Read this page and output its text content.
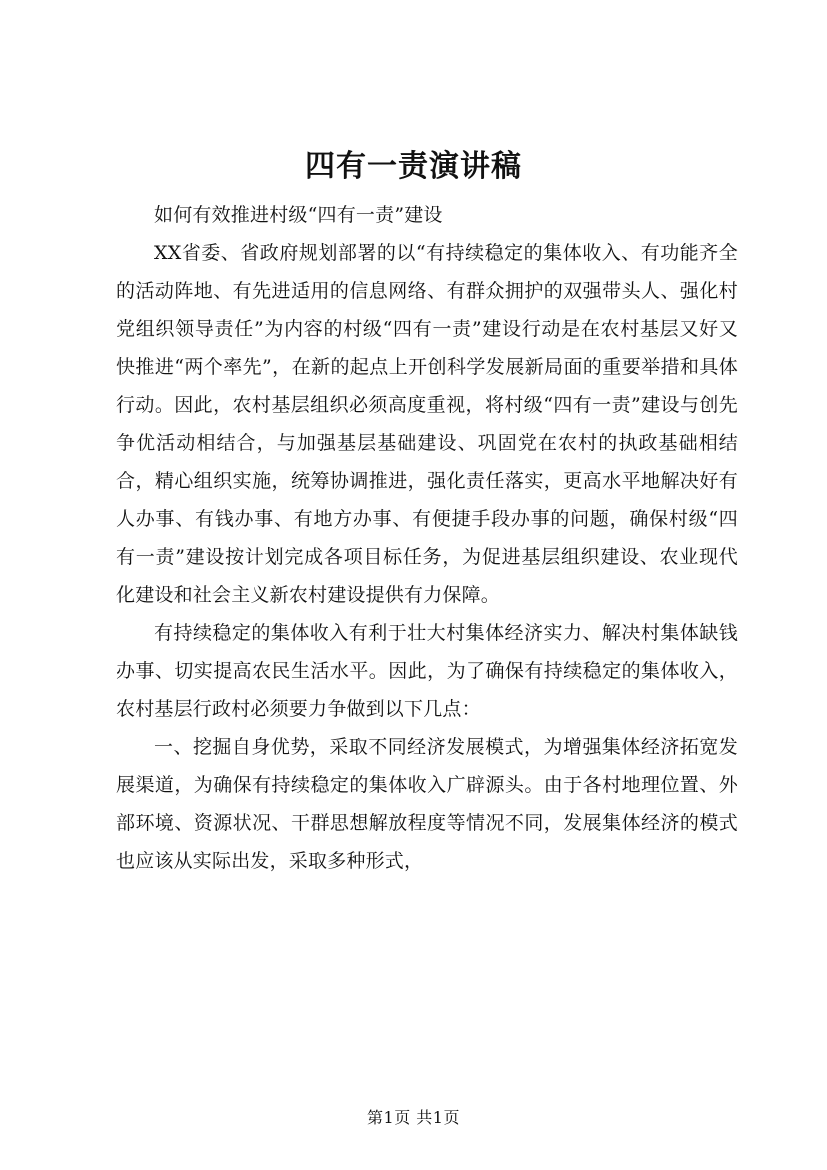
四有一责演讲稿

如何有效推进村级“四有一责”建设

XX省委、省政府规划部署的以“有持续稳定的集体收入、有功能齐全的活动阵地、有先进适用的信息网络、有群众拥护的双强带头人、强化村党组织领导责任”为内容的村级“四有一责”建设行动是在农村基层又好又快推进“两个率先”，在新的起点上开创科学发展新局面的重要举措和具体行动。因此，农村基层组织必须高度重视，将村级“四有一责”建设与创先争优活动相结合，与加强基层基础建设、巩固党在农村的执政基础相结合，精心组织实施，统筹协调推进，强化责任落实，更高水平地解决好有人办事、有钱办事、有地方办事、有便捷手段办事的问题，确保村级“四有一责”建设按计划完成各项目标任务，为促进基层组织建设、农业现代化建设和社会主义新农村建设提供有力保障。

有持续稳定的集体收入有利于壮大村集体经济实力、解决村集体缺钱办事、切实提高农民生活水平。因此，为了确保有持续稳定的集体收入，农村基层行政村必须要力争做到以下几点：

一、挖掘自身优势，采取不同经济发展模式，为增强集体经济拓宽发展渠道，为确保有持续稳定的集体收入广辟源头。由于各村地理位置、外部环境、资源状况、干群思想解放程度等情况不同，发展集体经济的模式也应该从实际出发，采取多种形式，

第1页 共1页
